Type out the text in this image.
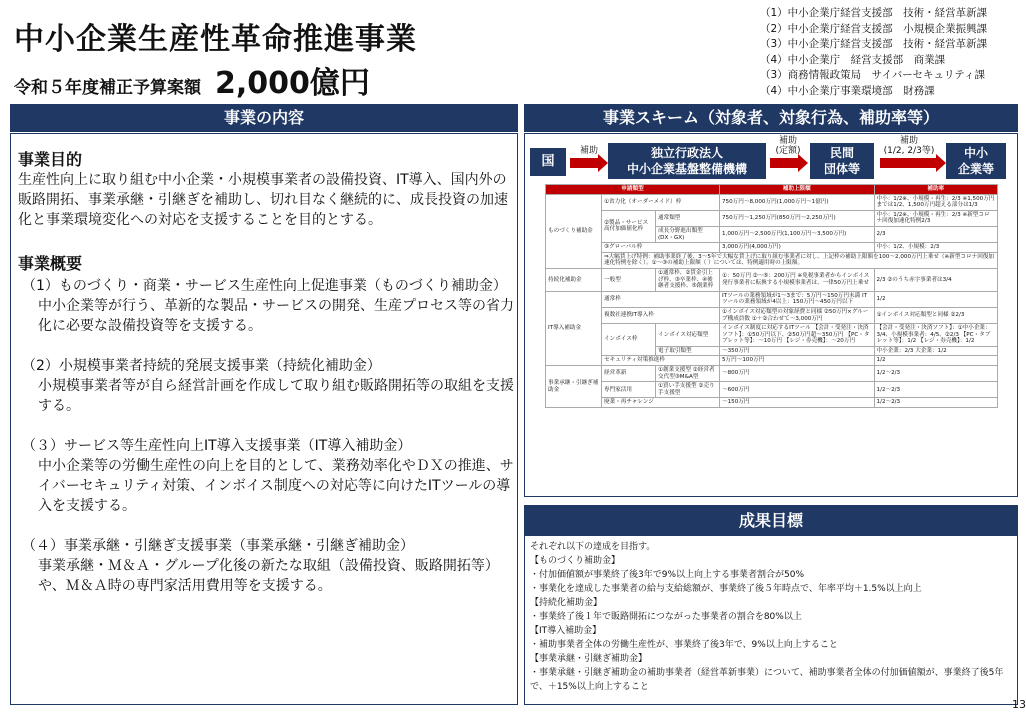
中小企業生産性革命推進事業
令和５年度補正予算案額 2,000億円
（1）中小企業庁経営支援部　技術・経営革新課
（2）中小企業庁経営支援部　小規模企業振興課
（3）中小企業庁経営支援部　技術・経営革新課
（4）中小企業庁　経営支援部　商業課
（3）商務情報政策局　サイバーセキュリティ課
（4）中小企業庁事業環境部　財務課
事業の内容
事業目的
生産性向上に取り組む中小企業・小規模事業者の設備投資、IT導入、国内外の販路開拓、事業承継・引継ぎを補助し、切れ目なく継続的に、成長投資の加速化と事業環境変化への対応を支援することを目的とする。
事業概要
（1）ものづくり・商業・サービス生産性向上促進事業（ものづくり補助金）
中小企業等が行う、革新的な製品・サービスの開発、生産プロセス等の省力化に必要な設備投資等を支援する。
（2）小規模事業者持続的発展支援事業（持続化補助金）
小規模事業者等が自ら経営計画を作成して取り組む販路開拓等の取組を支援する。
（３）サービス等生産性向上IT導入支援事業（IT導入補助金）
中小企業等の労働生産性の向上を目的として、業務効率化やＤＸの推進、サイバーセキュリティ対策、インボイス制度への対応等に向けたITツールの導入を支援する。
（４）事業承継・引継ぎ支援事業（事業承継・引継ぎ補助金）
事業承継・Ｍ＆Ａ・グループ化後の新たな取組（設備投資、販路開拓等）や、Ｍ＆Ａ時の専門家活用費用等を支援する。
事業スキーム（対象者、対象行為、補助率等）
国
補助	独立行政法人
中小企業基盤整備機構
補助
(定額)	民間
団体等
補助
(1/2, 2/3等)	中小
企業等
申請類型			補助上限額	補助率
ものづくり補助金	①省力化（オーダーメイド）枠		750万円～8,000万円(1,000万円～1億円)	中小：1/2※、小規模・再生：2/3 ※1,500万円までは1/2、1,500万円超える部分は1/3
	②製品・サービス高付加価値化枠	通常類型	750万円～1,250万円(850万円～2,250万円)	中小：1/2※、小規模・再生：2/3 ※新型コロナ回復加速化特例2/3
		成長分野進出類型(DX・GX)	1,000万円～2,500万円(1,100万円～3,500万円)	2/3
	③グローバル枠		3,000万円(4,000万円)	中小：1/2、小規模：2/3
	⇒大幅賃上げ特例：補助事業終了後、3～5年で大幅な賃上げに取り組む事業者に対し、上記枠の補助上限額を100～2,000万円上乗せ（※新型コロナ回復加速化特例を除く）。①～③の補助上限額（ ）については、特例適用時の上限額。			
持続化補助金	一般型	①通常枠、②賃金引上げ枠、③卒業枠、④後継者支援枠、⑤創業枠	①：50万円 ②～⑤：200万円 ※免税事業者からインボイス発行事業者に転換する小規模事業者は、一律50万円上乗せ	2/3 ②のうち赤字事業者は3/4
IT導入補助金	通常枠		ITツールの業務領域が1～3まで：5万円～150万円未満 ITツールの業務領域が4以上：150万円～450万円以下	1/2
	複数社連携IT導入枠		①インボイス対応類型の対象経費と同様 ②50万円×グループ構成員数 ①＋②合わせて～3,000万円	①インボイス対応類型と同様 ②2/3
	インボイス枠	インボイス対応類型	インボイス制度に対応するITツール 【会計・受発注・決済ソフト】：①50万円以下、②50万円超～350万円 【PC・タブレット等】：～10万円 【レジ・券売機】：～20万円	【会計・受発注・決済ソフト】：①中小企業：3/4、小規模事業者：4/5、②2/3 【PC・タブレット等】：1/2 【レジ・券売機】：1/2
		電子取引類型	～350万円	中小企業：2/3 大企業：1/2
	セキュリティ対策推進枠		5万円～100万円	1/2
事業承継・引継ぎ補助金	経営革新	①創業支援型 ②経営者交代型③M&A型	～800万円	1/2～2/3
	専門家活用	①買い手支援型 ②売り手支援型	～600万円	1/2～2/3
	廃業・再チャレンジ		～150万円	1/2～2/3
成果目標
それぞれ以下の達成を目指す。
【ものづくり補助金】
・付加価値額が事業終了後3年で9%以上向上する事業者割合が50%
・事業化を達成した事業者の給与支給総額が、事業終了後５年時点で、年率平均＋1.5%以上向上
【持続化補助金】
・事業終了後１年で販路開拓につながった事業者の割合を80%以上
【IT導入補助金】
・補助事業者全体の労働生産性が、事業終了後3年で、9%以上向上すること
【事業承継・引継ぎ補助金】
・事業承継・引継ぎ補助金の補助事業者（経営革新事業）について、補助事業者全体の付加価値額が、事業終了後5年で、＋15%以上向上すること
13
